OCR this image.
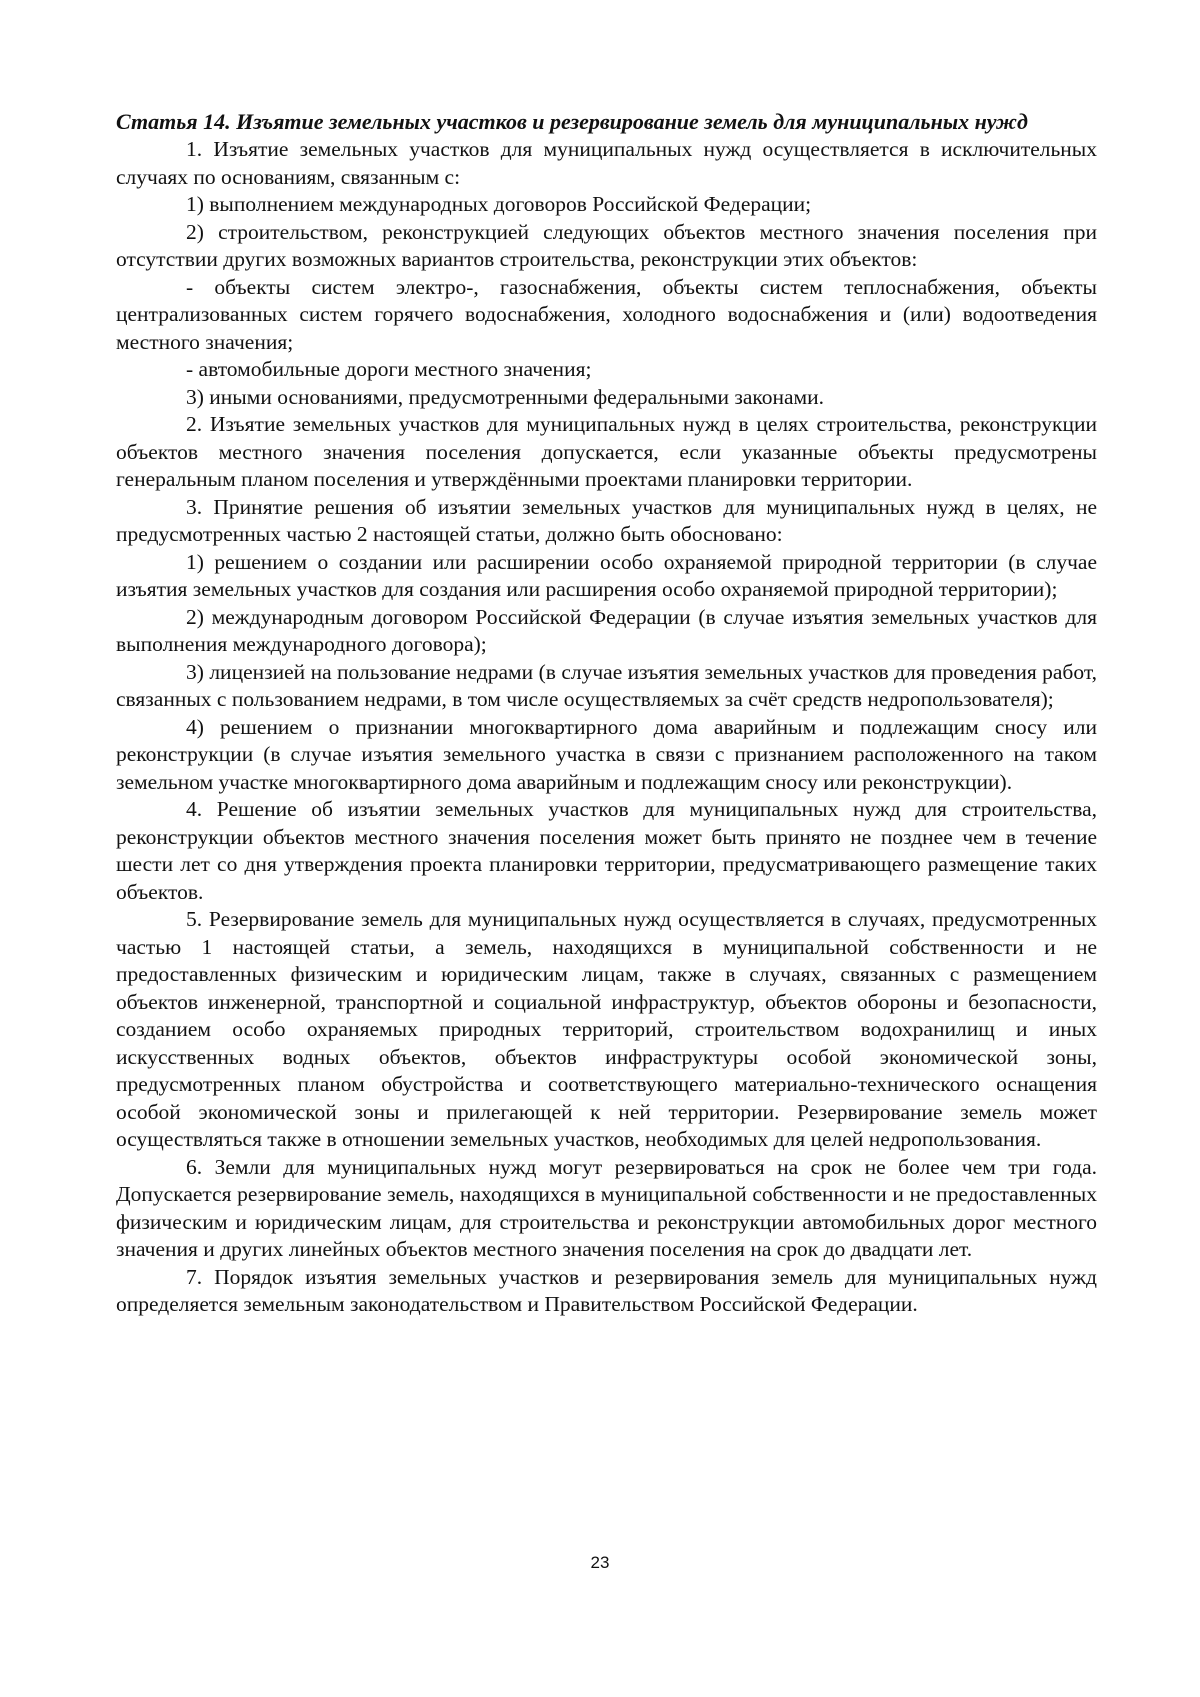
Статья 14. Изъятие земельных участков и резервирование земель для муниципальных нужд

1. Изъятие земельных участков для муниципальных нужд осуществляется в исключительных случаях по основаниям, связанным с:

1) выполнением международных договоров Российской Федерации;

2) строительством, реконструкцией следующих объектов местного значения поселения при отсутствии других возможных вариантов строительства, реконструкции этих объектов:

- объекты систем электро-, газоснабжения, объекты систем теплоснабжения, объекты централизованных систем горячего водоснабжения, холодного водоснабжения и (или) водоотведения местного значения;

- автомобильные дороги местного значения;

3) иными основаниями, предусмотренными федеральными законами.

2. Изъятие земельных участков для муниципальных нужд в целях строительства, реконструкции объектов местного значения поселения допускается, если указанные объекты предусмотрены генеральным планом поселения и утверждёнными проектами планировки территории.

3. Принятие решения об изъятии земельных участков для муниципальных нужд в целях, не предусмотренных частью 2 настоящей статьи, должно быть обосновано:

1) решением о создании или расширении особо охраняемой природной территории (в случае изъятия земельных участков для создания или расширения особо охраняемой природной территории);

2) международным договором Российской Федерации (в случае изъятия земельных участков для выполнения международного договора);

3) лицензией на пользование недрами (в случае изъятия земельных участков для проведения работ, связанных с пользованием недрами, в том числе осуществляемых за счёт средств недропользователя);

4) решением о признании многоквартирного дома аварийным и подлежащим сносу или реконструкции (в случае изъятия земельного участка в связи с признанием расположенного на таком земельном участке многоквартирного дома аварийным и подлежащим сносу или реконструкции).

4. Решение об изъятии земельных участков для муниципальных нужд для строительства, реконструкции объектов местного значения поселения может быть принято не позднее чем в течение шести лет со дня утверждения проекта планировки территории, предусматривающего размещение таких объектов.

5. Резервирование земель для муниципальных нужд осуществляется в случаях, предусмотренных частью 1 настоящей статьи, а земель, находящихся в муниципальной собственности и не предоставленных физическим и юридическим лицам, также в случаях, связанных с размещением объектов инженерной, транспортной и социальной инфраструктур, объектов обороны и безопасности, созданием особо охраняемых природных территорий, строительством водохранилищ и иных искусственных водных объектов, объектов инфраструктуры особой экономической зоны, предусмотренных планом обустройства и соответствующего материально-технического оснащения особой экономической зоны и прилегающей к ней территории. Резервирование земель может осуществляться также в отношении земельных участков, необходимых для целей недропользования.

6. Земли для муниципальных нужд могут резервироваться на срок не более чем три года. Допускается резервирование земель, находящихся в муниципальной собственности и не предоставленных физическим и юридическим лицам, для строительства и реконструкции автомобильных дорог местного значения и других линейных объектов местного значения поселения на срок до двадцати лет.

7. Порядок изъятия земельных участков и резервирования земель для муниципальных нужд определяется земельным законодательством и Правительством Российской Федерации.

23
